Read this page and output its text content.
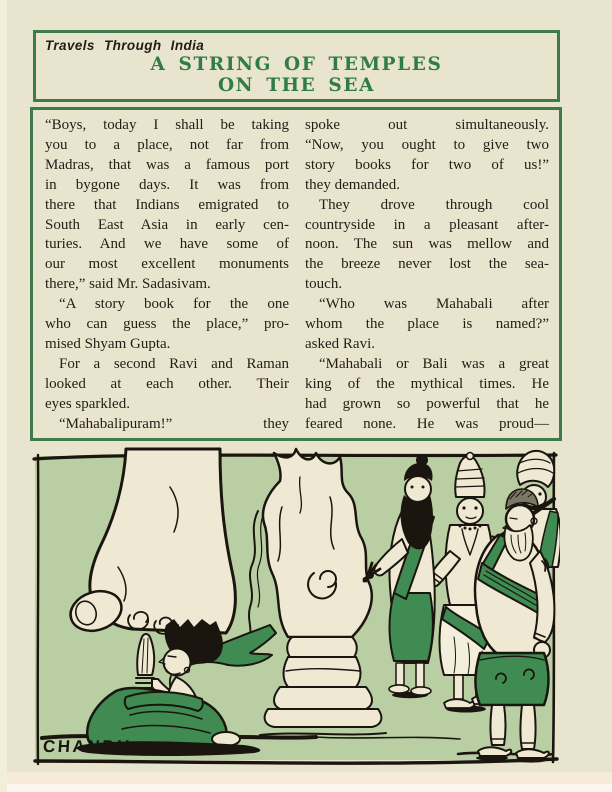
Travels Through India
A STRING OF TEMPLES
ON THE SEA
“Boys, today I shall be taking
you to a place, not far from
Madras, that was a famous port
in bygone days. It was from
there that Indians emigrated to
South East Asia in early cen-
turies. And we have some of
our most excellent monuments
there,” said Mr. Sadasivam.
“A story book for the one
who can guess the place,” pro-
mised Shyam Gupta.
For a second Ravi and Raman
looked at each other. Their
eyes sparkled.
“Mahabalipuram!” they
spoke out simultaneously.
“Now, you ought to give two
story books for two of us!”
they demanded.
They drove through cool
countryside in a pleasant after-
noon. The sun was mellow and
the breeze never lost the sea-
touch.
“Who was Mahabali after
whom the place is named?”
asked Ravi.
“Mahabali or Bali was a great
king of the mythical times. He
had grown so powerful that he
feared none. He was proud—
CHANDU
